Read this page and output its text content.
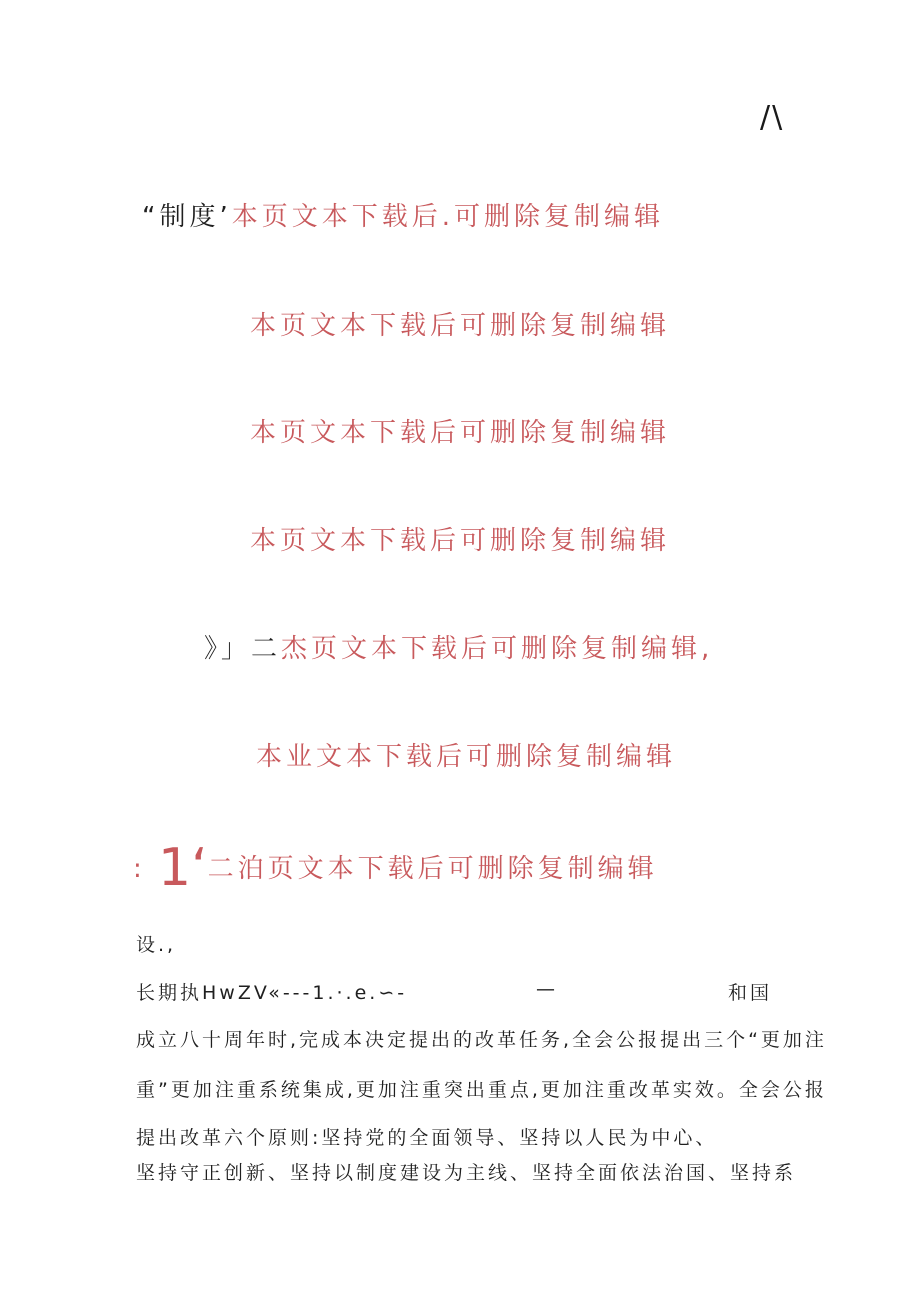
/\
“制度’本页文本下载后.可删除复制编辑
本页文本下载后可删除复制编辑
本页文本下载后可删除复制编辑
本页文本下载后可删除复制编辑
》」二杰页文本下载后可删除复制编辑,
本业文本下载后可删除复制编辑
: 1‘二泊页文本下载后可删除复制编辑
设.,
长期执HwZV«---1.·.e.∽-	—	和国
成立八十周年时,完成本决定提出的改革任务,全会公报提出三个“更加注
重”更加注重系统集成,更加注重突出重点,更加注重改革实效。全会公报
提出改革六个原则:坚持党的全面领导、坚持以人民为中心、
坚持守正创新、坚持以制度建设为主线、坚持全面依法治国、坚持系
